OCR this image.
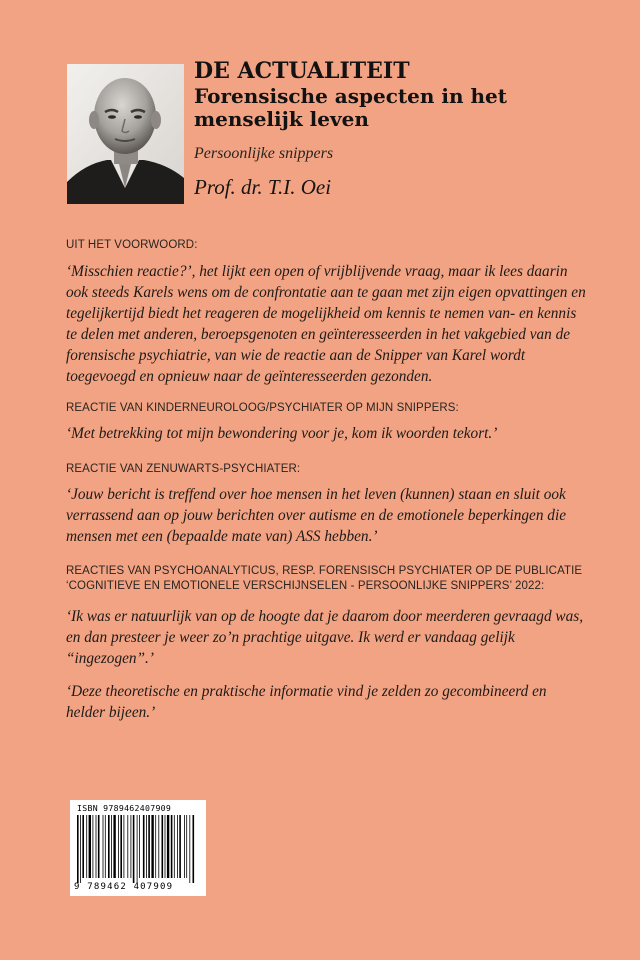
DE ACTUALITEIT
Forensische aspecten in het
menselijk leven
Persoonlijke snippers
Prof. dr. T.I. Oei
UIT HET VOORWOORD:
‘Misschien reactie?’, het lijkt een open of vrijblijvende vraag, maar ik lees daarin ook steeds Karels wens om de confrontatie aan te gaan met zijn eigen opvattingen en tegelijkertijd biedt het reageren de mogelijkheid om kennis te nemen van- en kennis te delen met anderen, beroepsgenoten en geïnteresseerden in het vakgebied van de forensische psychiatrie, van wie de reactie aan de Snipper van Karel wordt toegevoegd en opnieuw naar de geïnteresseerden gezonden.
REACTIE VAN KINDERNEUROLOOG/PSYCHIATER OP MIJN SNIPPERS:
‘Met betrekking tot mijn bewondering voor je, kom ik woorden tekort.’
REACTIE VAN ZENUWARTS-PSYCHIATER:
‘Jouw bericht is treffend over hoe mensen in het leven (kunnen) staan en sluit ook verrassend aan op jouw berichten over autisme en de emotionele beperkingen die mensen met een (bepaalde mate van) ASS hebben.’
REACTIES VAN PSYCHOANALYTICUS, RESP. FORENSISCH PSYCHIATER OP DE PUBLICATIE
‘COGNITIEVE EN EMOTIONELE VERSCHIJNSELEN - PERSOONLIJKE SNIPPERS’ 2022:
‘Ik was er natuurlijk van op de hoogte dat je daarom door meerderen gevraagd was, en dan presteer je weer zo’n prachtige uitgave. Ik werd er vandaag gelijk “ingezogen”.’
‘Deze theoretische en praktische informatie vind je zelden zo gecombineerd en helder bijeen.’
ISBN 9789462407909
9 789462 407909
